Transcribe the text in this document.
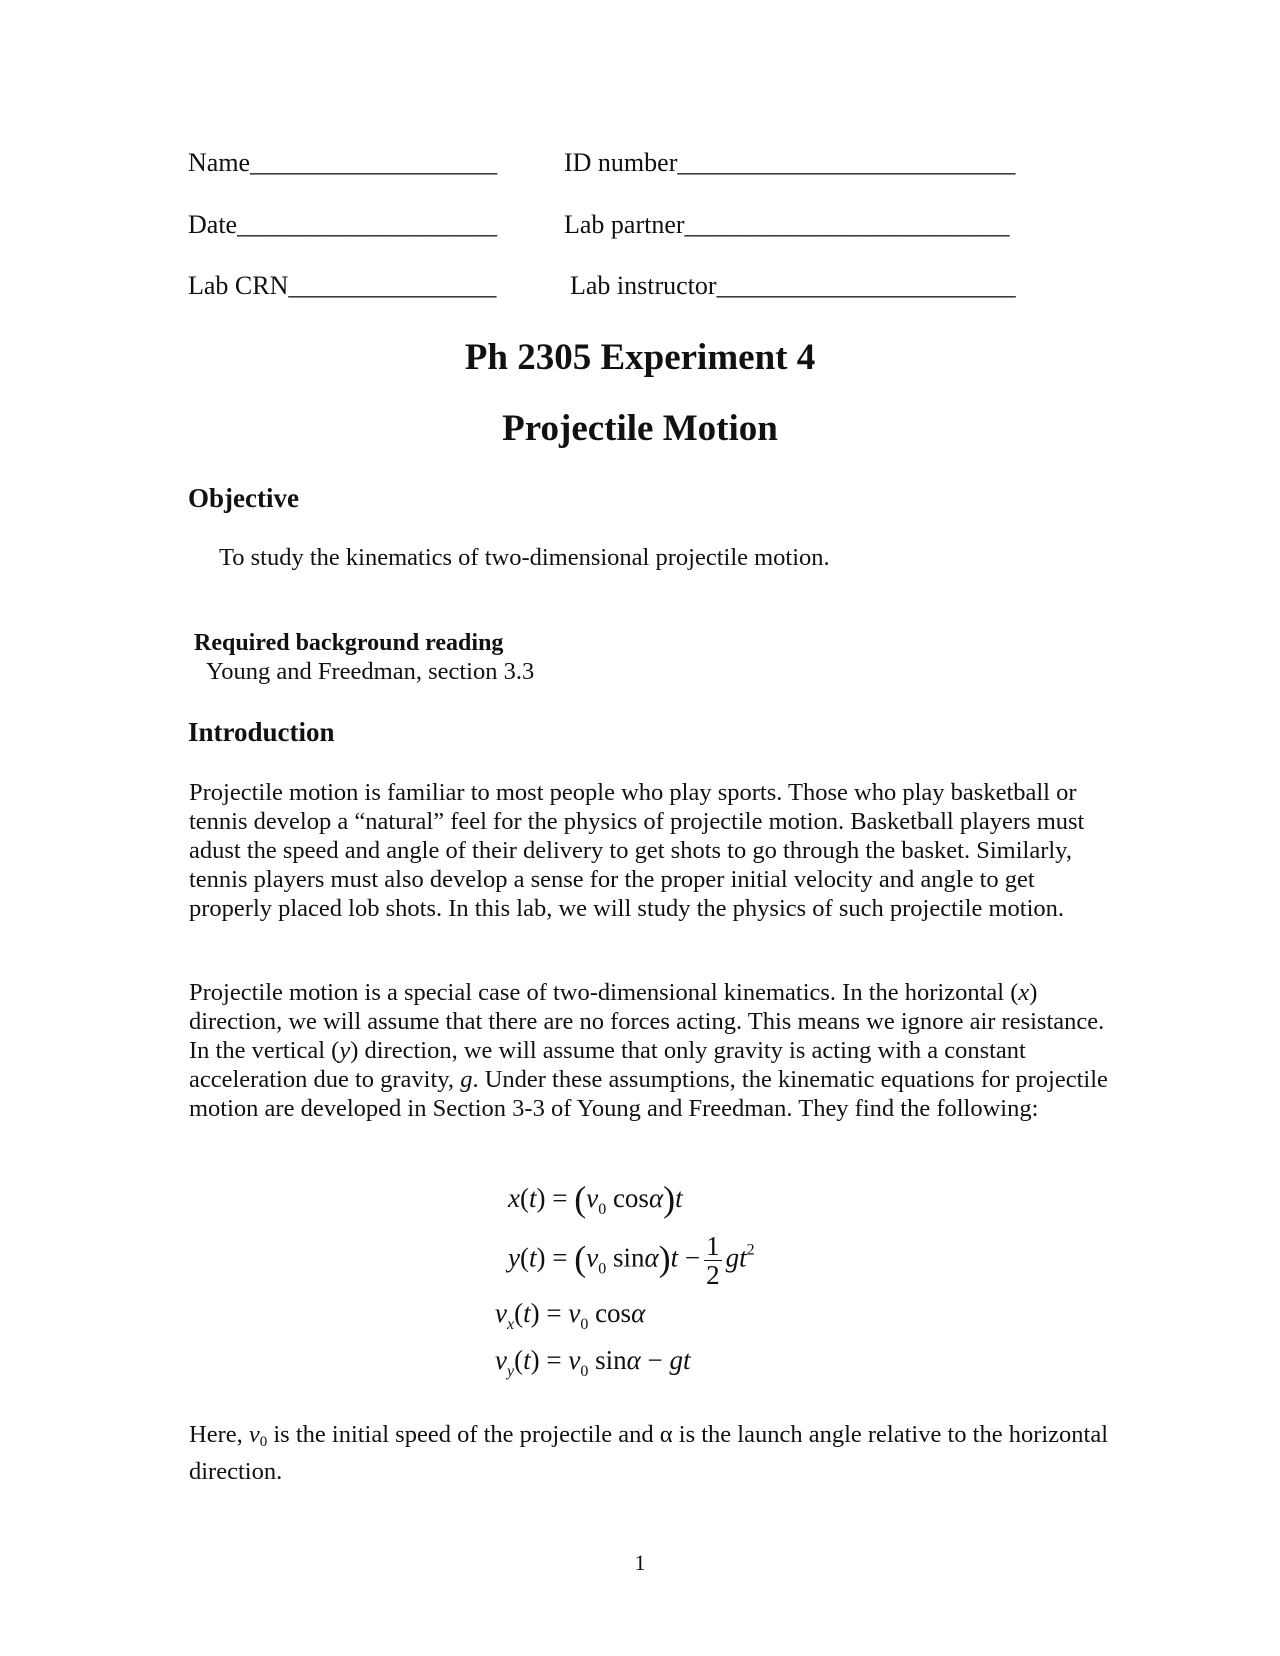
Name___________________	ID number__________________________
Date____________________	Lab partner_________________________
Lab CRN________________	Lab instructor_______________________
Ph 2305 Experiment 4
Projectile Motion
Objective
To study the kinematics of two-dimensional projectile motion.
Required background reading
Young and Freedman, section 3.3
Introduction

Projectile motion is familiar to most people who play sports. Those who play basketball or tennis develop a “natural” feel for the physics of projectile motion. Basketball players must adust the speed and angle of their delivery to get shots to go through the basket. Similarly, tennis players must also develop a sense for the proper initial velocity and angle to get properly placed lob shots. In this lab, we will study the physics of such projectile motion.

Projectile motion is a special case of two-dimensional kinematics. In the horizontal (x) direction, we will assume that there are no forces acting. This means we ignore air resistance. In the vertical (y) direction, we will assume that only gravity is acting with a constant acceleration due to gravity, g. Under these assumptions, the kinematic equations for projectile motion are developed in Section 3-3 of Young and Freedman. They find the following:

$x(t) = (v_0$ cosα)t
$y(t) = (v_0$ $\sin\alpha)t - \frac{1}{2} gt^2$
$v_x(t) = v_0$ cosα
$v_y(t) = v_0$ sinα − gt

Here, v0 is the initial speed of the projectile and α is the launch angle relative to the horizontal direction.

1
